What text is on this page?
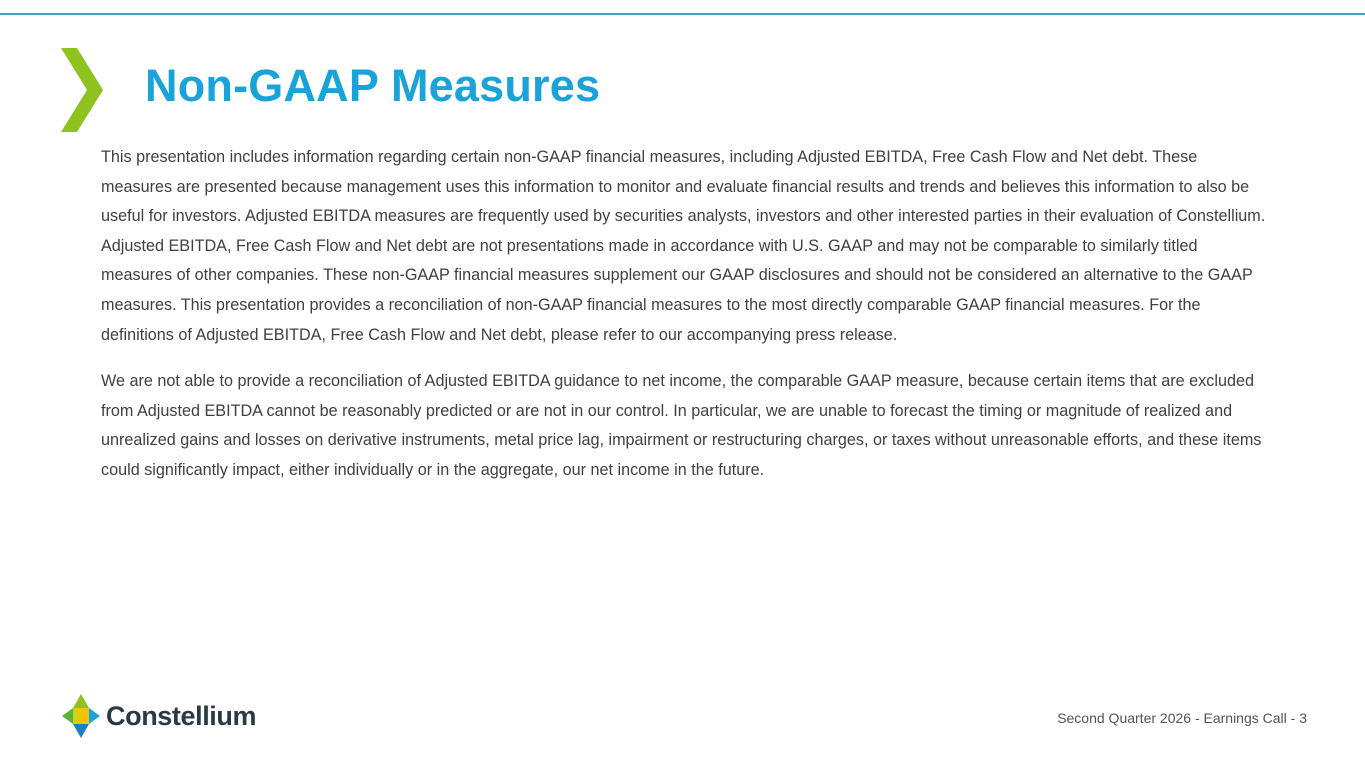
Non-GAAP Measures

This presentation includes information regarding certain non-GAAP financial measures, including Adjusted EBITDA, Free Cash Flow and Net debt. These measures are presented because management uses this information to monitor and evaluate financial results and trends and believes this information to also be useful for investors. Adjusted EBITDA measures are frequently used by securities analysts, investors and other interested parties in their evaluation of Constellium. Adjusted EBITDA, Free Cash Flow and Net debt are not presentations made in accordance with U.S. GAAP and may not be comparable to similarly titled measures of other companies. These non-GAAP financial measures supplement our GAAP disclosures and should not be considered an alternative to the GAAP measures. This presentation provides a reconciliation of non-GAAP financial measures to the most directly comparable GAAP financial measures. For the definitions of Adjusted EBITDA, Free Cash Flow and Net debt, please refer to our accompanying press release.

We are not able to provide a reconciliation of Adjusted EBITDA guidance to net income, the comparable GAAP measure, because certain items that are excluded from Adjusted EBITDA cannot be reasonably predicted or are not in our control. In particular, we are unable to forecast the timing or magnitude of realized and unrealized gains and losses on derivative instruments, metal price lag, impairment or restructuring charges, or taxes without unreasonable efforts, and these items could significantly impact, either individually or in the aggregate, our net income in the future.

Constellium	Second Quarter 2026 - Earnings Call - 3
